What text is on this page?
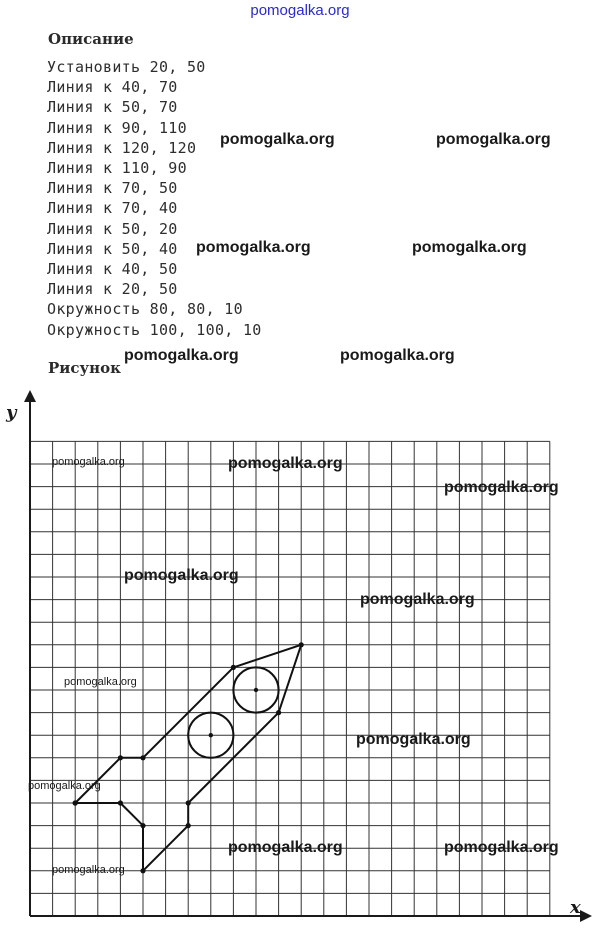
pomogalka.org
Описание
Установить 20, 50
Линия к 40, 70
Линия к 50, 70
Линия к 90, 110
Линия к 120, 120
Линия к 110, 90
Линия к 70, 50
Линия к 70, 40
Линия к 50, 20
Линия к 50, 40
Линия к 40, 50
Линия к 20, 50
Окружность 80, 80, 10
Окружность 100, 100, 10
Рисунок
x
y
pomogalka.org	pomogalka.org
pomogalka.org	pomogalka.org
pomogalka.org	pomogalka.org
pomogalka.org	pomogalka.org
pomogalka.org
pomogalka.org
pomogalka.org
pomogalka.org
pomogalka.org
pomogalka.org
pomogalka.org	pomogalka.org
pomogalka.org
